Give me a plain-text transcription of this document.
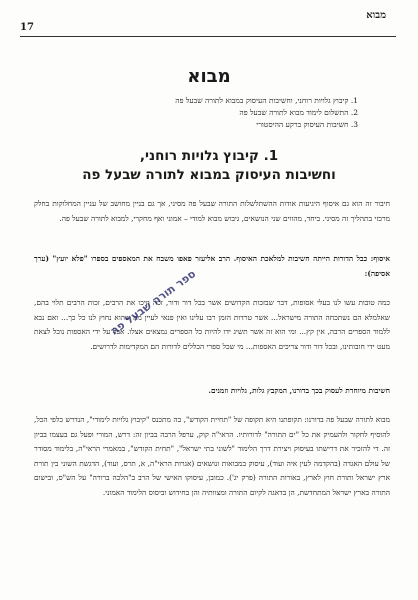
מבוא
17
מבוא
1. קיבוץ גלויות רוחני, וחשיבות העיסוק במבוא לתורה שבעל פה
2. התשלום לימוד מבוא לתורה שבעל פה
3. חשיבות העיסוק ברקע ההיסטורי
1. קיבוץ גלויות רוחני,
וחשיבות העיסוק במבוא לתורה שבעל פה

חיבור זה הוא גם איסוף היגיעות אודות ההשתלשלות התורה שבעל פה מסיני, אך גם בניין מחושב של עניין המחלוקות בחלק מרכזי בתהליך זה מסיני. ביחד, מהווים שני הנושאים, גיבוש מבוא למודי – אמוני ואף מחקרי, למבוא לתורה שבעל פה.

איסוף: כבל הדורות הייתה חשיבות למלאכת האיסוף. הרב אליעזר פאפו משבח את המאספים בספרו "פלא יועץ" (ערך אסיפה):

כמה טובות עשו לנו בעלי אסופות, דבר שבזכות הקדושים אשר בכל דור ודור, זכה וזיכו את הרבים, זכות הרבים תלוי בהם, שאלמלא הם נשתכחה התורה מישראל... אשר טרדות הזמן רבו עלינו ואין פנאי לעיין מה שהוא נחוץ לנו כל כך... ואם נבא ללמוד הספרים הרבה, אין קץ... ומי הוא זה אשר תשיג ידו להיות כל הספרים נמצאים אצלו. אבל על ידי האספות נוכל לצאת מעט ידי חובותינו, ובכל דור ודור צריכים האספות... מי שכל ספרי הכללים לדורות הם המקדימות לדרושים.

חשיבות מיוחדת לעסוק בכך בדורנו, המקבץ גלות, גלויות וזמנים.

מבוא לתורה שבעל פה בדורנו: תקופתנו היא תקופה של "תחיית הקודש", בה מתכנס "קיבוץ גלויות לימודי", הנדרש כלפי הכל, להוסיף לחקור ולהעמיק את כל "ים התורה" לדורותיו. הראי"ה קוק, ערפל הרבה בביון זה: דרש, המורי ופעל גם בעצמו בביון זה. די להזכיר את דרישתו בעיסוק ויצירת דרך הלימוד "לשוני בתי ישראל", "תחית הקודש", במאמרי הראי"ה, בלימוד מסודר של עולם האגדה (בהקדמה לעין איה ועוד), עיסוק במבואות ונושאים (אגרות הראי"ה, א, תרס, ועוד), הדגשת השוני בין תורת ארץ ישראל ותורת חוץ לארץ, באורות התורה (פרק יג'). כמובן, עיסוקו האישי של הרב ב"הלכה ברורה" על הש"ס, ובישום התורה בארץ ישראל המתחדשת, הן בדאגה לקיום התורה ומצוותיה והן בחידוש וביסוס הלימוד האמוני.

ספר תורה שבעל פה
